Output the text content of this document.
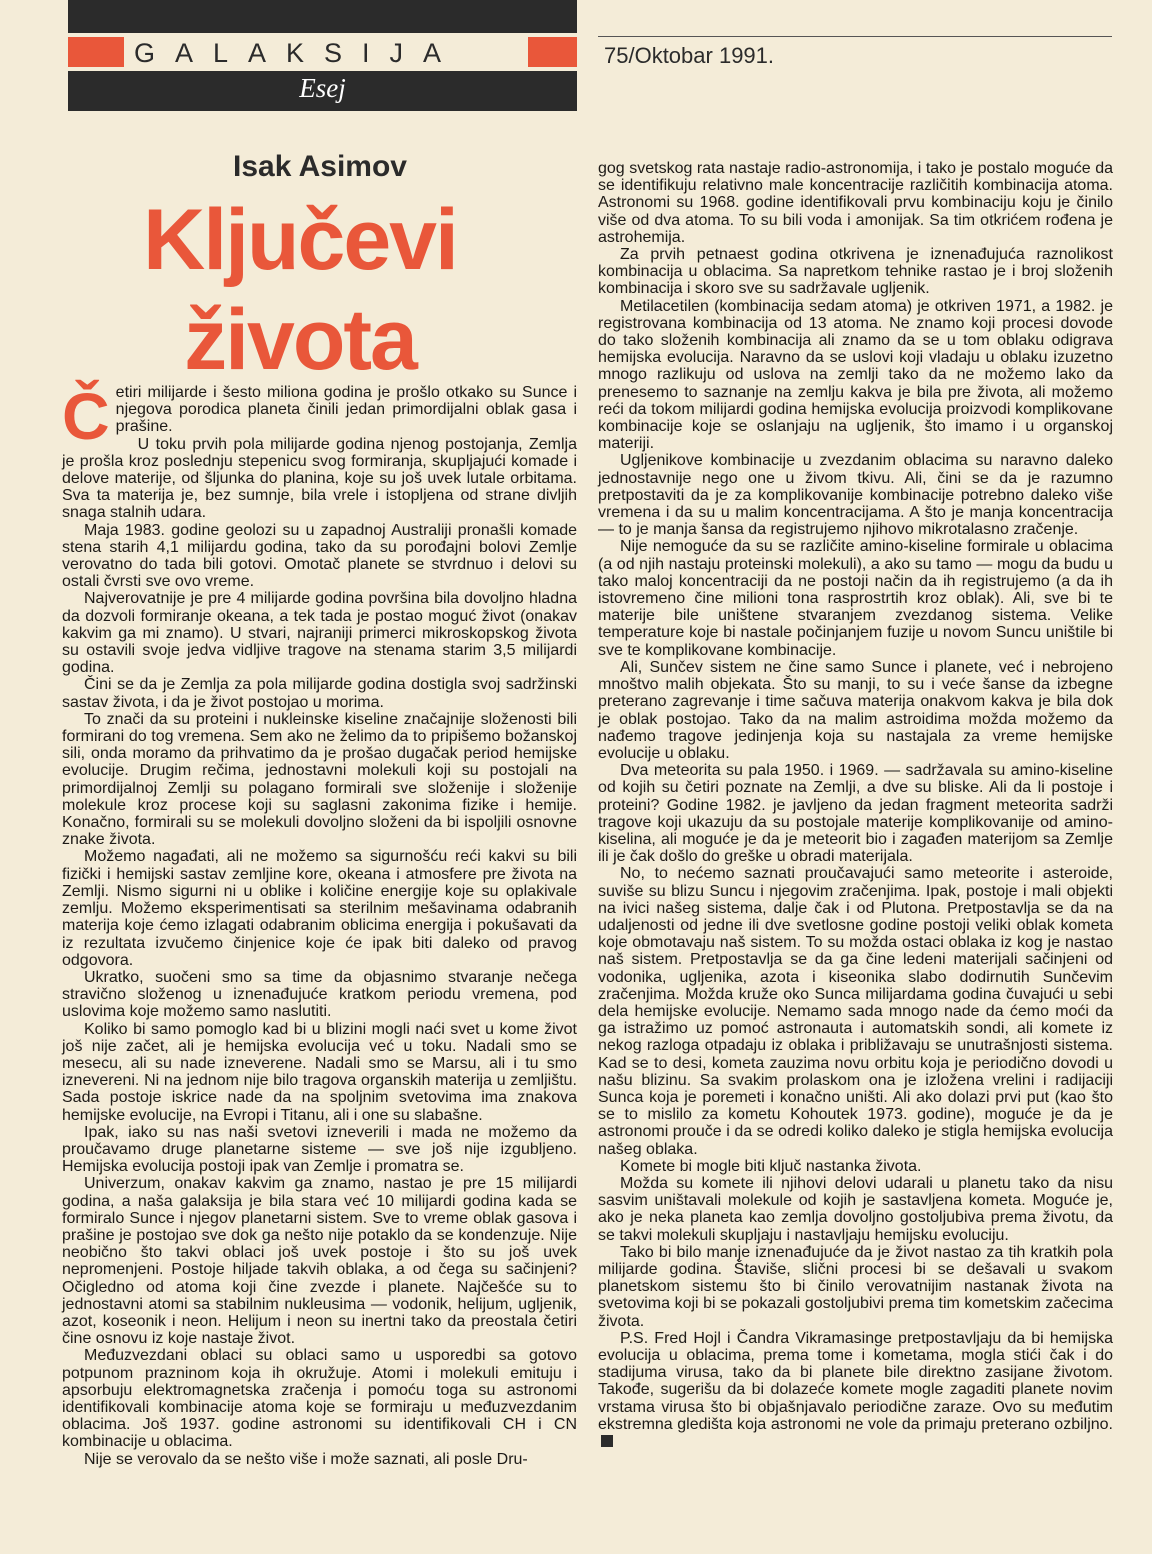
GALAKSIJA	75/Oktobar 1991.
Esej
Isak Asimov
Ključevi
života

Četiri milijarde i šesto miliona godina je prošlo otkako su Sunce i njegova porodica planeta činili jedan primordijalni oblak gasa i prašine.

U toku prvih pola milijarde godina njenog postojanja, Zemlja je prošla kroz poslednju stepenicu svog formiranja, skupljajući komade i delove materije, od šljunka do planina, koje su još uvek lutale orbitama. Sva ta materija je, bez sumnje, bila vrele i istopljena od strane divljih snaga stalnih udara.

Maja 1983. godine geolozi su u zapadnoj Australiji pronašli komade stena starih 4,1 milijardu godina, tako da su porođajni bolovi Zemlje verovatno do tada bili gotovi. Omotač planete se stvrdnuo i delovi su ostali čvrsti sve ovo vreme.

Najverovatnije je pre 4 milijarde godina površina bila dovoljno hladna da dozvoli formiranje okeana, a tek tada je postao moguć život (onakav kakvim ga mi znamo). U stvari, najraniji primerci mikroskopskog života su ostavili svoje jedva vidljive tragove na stenama starim 3,5 milijardi godina.

Čini se da je Zemlja za pola milijarde godina dostigla svoj sadržinski sastav života, i da je život postojao u morima.

To znači da su proteini i nukleinske kiseline značajnije složenosti bili formirani do tog vremena. Sem ako ne želimo da to pripišemo božanskoj sili, onda moramo da prihvatimo da je prošao dugačak period hemijske evolucije. Drugim rečima, jednostavni molekuli koji su postojali na primordijalnoj Zemlji su polagano formirali sve složenije i složenije molekule kroz procese koji su saglasni zakonima fizike i hemije. Konačno, formirali su se molekuli dovoljno složeni da bi ispoljili osnovne znake života.

Možemo nagađati, ali ne možemo sa sigurnošću reći kakvi su bili fizički i hemijski sastav zemljine kore, okeana i atmosfere pre života na Zemlji. Nismo sigurni ni u oblike i količine energije koje su oplakivale zemlju. Možemo eksperimentisati sa sterilnim mešavinama odabranih materija koje ćemo izlagati odabranim oblicima energija i pokušavati da iz rezultata izvučemo činjenice koje će ipak biti daleko od pravog odgovora.

Ukratko, suočeni smo sa time da objasnimo stvaranje nečega stravično složenog u iznenađujuće kratkom periodu vremena, pod uslovima koje možemo samo naslutiti.

Koliko bi samo pomoglo kad bi u blizini mogli naći svet u kome život još nije začet, ali je hemijska evolucija već u toku. Nadali smo se mesecu, ali su nade izneverene. Nadali smo se Marsu, ali i tu smo iznevereni. Ni na jednom nije bilo tragova organskih materija u zemljištu. Sada postoje iskrice nade da na spoljnim svetovima ima znakova hemijske evolucije, na Evropi i Titanu, ali i one su slabašne.

Ipak, iako su nas naši svetovi izneverili i mada ne možemo da proučavamo druge planetarne sisteme — sve još nije izgubljeno. Hemijska evolucija postoji ipak van Zemlje i promatra se.

Univerzum, onakav kakvim ga znamo, nastao je pre 15 milijardi godina, a naša galaksija je bila stara već 10 milijardi godina kada se formiralo Sunce i njegov planetarni sistem. Sve to vreme oblak gasova i prašine je postojao sve dok ga nešto nije potaklo da se kondenzuje. Nije neobično što takvi oblaci još uvek postoje i što su još uvek nepromenjeni. Postoje hiljade takvih oblaka, a od čega su sačinjeni? Očigledno od atoma koji čine zvezde i planete. Najčešće su to jednostavni atomi sa stabilnim nukleusima — vodonik, helijum, ugljenik, azot, koseonik i neon. Helijum i neon su inertni tako da preostala četiri čine osnovu iz koje nastaje život.

Međuzvezdani oblaci su oblaci samo u usporedbi sa gotovo potpunom prazninom koja ih okružuje. Atomi i molekuli emituju i apsorbuju elektromagnetska zračenja i pomoću toga su astronomi identifikovali kombinacije atoma koje se formiraju u međuzvezdanim oblacima. Još 1937. godine astronomi su identifikovali CH i CN kombinacije u oblacima.

Nije se verovalo da se nešto više i može saznati, ali posle Dru-

gog svetskog rata nastaje radio-astronomija, i tako je postalo moguće da se identifikuju relativno male koncentracije različitih kombinacija atoma. Astronomi su 1968. godine identifikovali prvu kombinaciju koju je činilo više od dva atoma. To su bili voda i amonijak. Sa tim otkrićem rođena je astrohemija.

Za prvih petnaest godina otkrivena je iznenađujuća raznolikost kombinacija u oblacima. Sa napretkom tehnike rastao je i broj složenih kombinacija i skoro sve su sadržavale ugljenik.

Metilacetilen (kombinacija sedam atoma) je otkriven 1971, a 1982. je registrovana kombinacija od 13 atoma. Ne znamo koji procesi dovode do tako složenih kombinacija ali znamo da se u tom oblaku odigrava hemijska evolucija. Naravno da se uslovi koji vladaju u oblaku izuzetno mnogo razlikuju od uslova na zemlji tako da ne možemo lako da prenesemo to saznanje na zemlju kakva je bila pre života, ali možemo reći da tokom milijardi godina hemijska evolucija proizvodi komplikovane kombinacije koje se oslanjaju na ugljenik, što imamo i u organskoj materiji.

Ugljenikove kombinacije u zvezdanim oblacima su naravno daleko jednostavnije nego one u živom tkivu. Ali, čini se da je razumno pretpostaviti da je za komplikovanije kombinacije potrebno daleko više vremena i da su u malim koncentracijama. A što je manja koncentracija — to je manja šansa da registrujemo njihovo mikrotalasno zračenje.

Nije nemoguće da su se različite amino-kiseline formirale u oblacima (a od njih nastaju proteinski molekuli), a ako su tamo — mogu da budu u tako maloj koncentraciji da ne postoji način da ih registrujemo (a da ih istovremeno čine milioni tona rasprostrtih kroz oblak). Ali, sve bi te materije bile uništene stvaranjem zvezdanog sistema. Velike temperature koje bi nastale počinjanjem fuzije u novom Suncu uništile bi sve te komplikovane kombinacije.

Ali, Sunčev sistem ne čine samo Sunce i planete, već i nebrojeno mnoštvo malih objekata. Što su manji, to su i veće šanse da izbegne preterano zagrevanje i time sačuva materija onakvom kakva je bila dok je oblak postojao. Tako da na malim astroidima možda možemo da nađemo tragove jedinjenja koja su nastajala za vreme hemijske evolucije u oblaku.

Dva meteorita su pala 1950. i 1969. — sadržavala su amino-kiseline od kojih su četiri poznate na Zemlji, a dve su bliske. Ali da li postoje i proteini? Godine 1982. je javljeno da jedan fragment meteorita sadrži tragove koji ukazuju da su postojale materije komplikovanije od amino-kiselina, ali moguće je da je meteorit bio i zagađen materijom sa Zemlje ili je čak došlo do greške u obradi materijala.

No, to nećemo saznati proučavajući samo meteorite i asteroide, suviše su blizu Suncu i njegovim zračenjima. Ipak, postoje i mali objekti na ivici našeg sistema, dalje čak i od Plutona. Pretpostavlja se da na udaljenosti od jedne ili dve svetlosne godine postoji veliki oblak kometa koje obmotavaju naš sistem. To su možda ostaci oblaka iz kog je nastao naš sistem. Pretpostavlja se da ga čine ledeni materijali sačinjeni od vodonika, ugljenika, azota i kiseonika slabo dodirnutih Sunčevim zračenjima. Možda kruže oko Sunca milijardama godina čuvajući u sebi dela hemijske evolucije. Nemamo sada mnogo nade da ćemo moći da ga istražimo uz pomoć astronauta i automatskih sondi, ali komete iz nekog razloga otpadaju iz oblaka i približavaju se unutrašnjosti sistema. Kad se to desi, kometa zauzima novu orbitu koja je periodično dovodi u našu blizinu. Sa svakim prolaskom ona je izložena vrelini i radijaciji Sunca koja je poremeti i konačno uništi. Ali ako dolazi prvi put (kao što se to mislilo za kometu Kohoutek 1973. godine), moguće je da je astronomi prouče i da se odredi koliko daleko je stigla hemijska evolucija našeg oblaka.

Komete bi mogle biti ključ nastanka života.

Možda su komete ili njihovi delovi udarali u planetu tako da nisu sasvim uništavali molekule od kojih je sastavljena kometa. Moguće je, ako je neka planeta kao zemlja dovoljno gostoljubiva prema životu, da se takvi molekuli skupljaju i nastavljaju hemijsku evoluciju.

Tako bi bilo manje iznenađujuće da je život nastao za tih kratkih pola milijarde godina. Štaviše, slični procesi bi se dešavali u svakom planetskom sistemu što bi činilo verovatnijim nastanak života na svetovima koji bi se pokazali gostoljubivi prema tim kometskim začecima života.

P.S. Fred Hojl i Čandra Vikramasinge pretpostavljaju da bi hemijska evolucija u oblacima, prema tome i kometama, mogla stići čak i do stadijuma virusa, tako da bi planete bile direktno zasijane životom. Takođe, sugerišu da bi dolazeće komete mogle zagaditi planete novim vrstama virusa što bi objašnjavalo periodične zaraze. Ovo su međutim ekstremna gledišta koja astronomi ne vole da primaju preterano ozbiljno.
